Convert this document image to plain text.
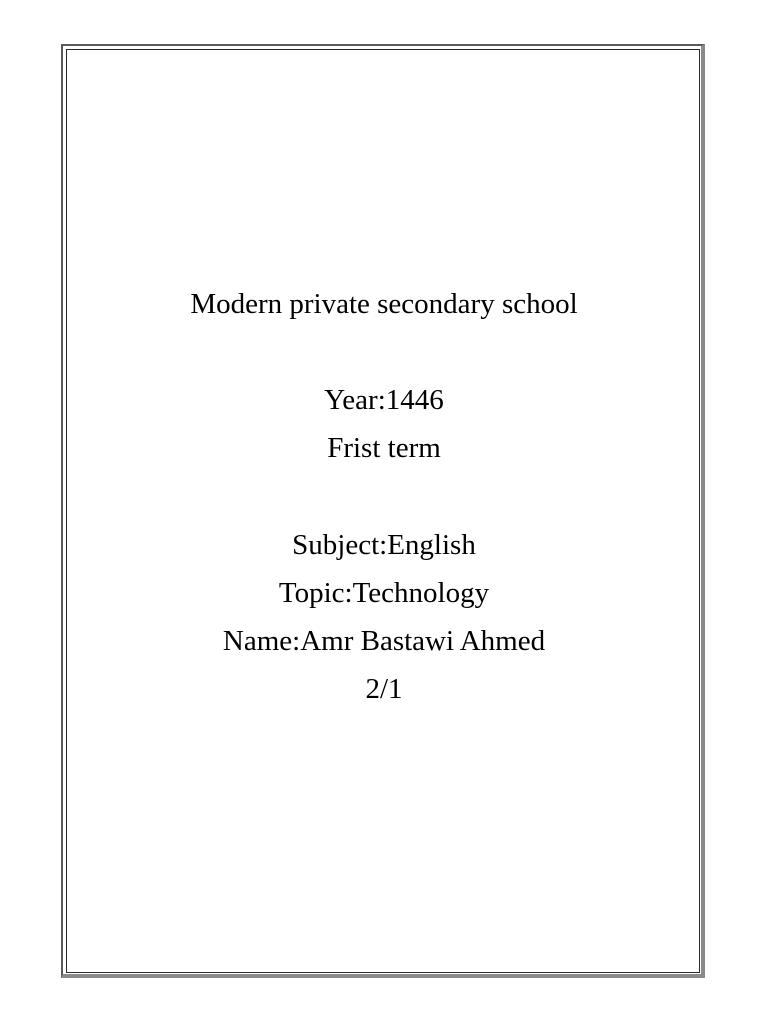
Modern private secondary school
Year:1446
Frist term
Subject:English
Topic:Technology
Name:Amr Bastawi Ahmed
2/1
